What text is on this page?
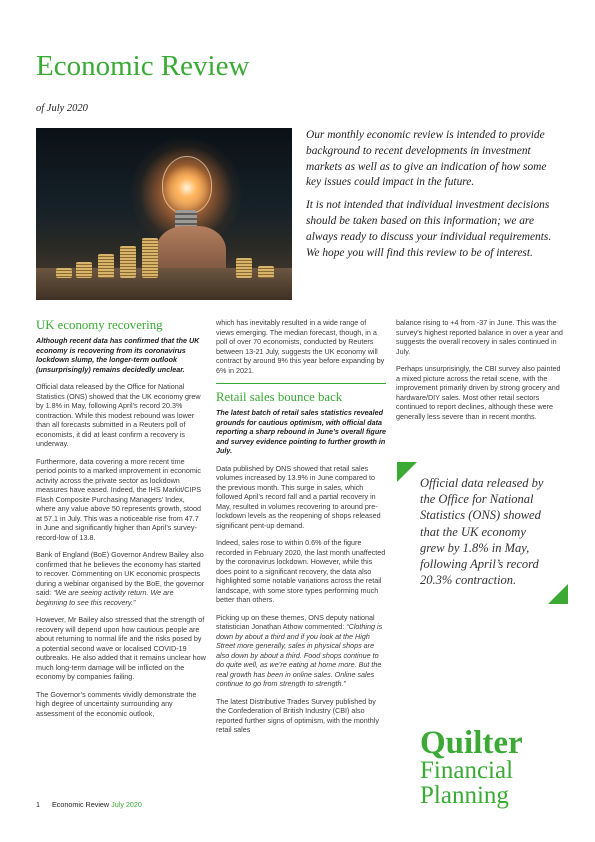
Economic Review

of July 2020

Our monthly economic review is intended to provide background to recent developments in investment markets as well as to give an indication of how some key issues could impact in the future.

It is not intended that individual investment decisions should be taken based on this information; we are always ready to discuss your individual requirements. We hope you will find this review to be of interest.

UK economy recovering

Although recent data has confirmed that the UK economy is recovering from its coronavirus lockdown slump, the longer-term outlook (unsurprisingly) remains decidedly unclear.

Official data released by the Office for National Statistics (ONS) showed that the UK economy grew by 1.8% in May, following April’s record 20.3% contraction. While this modest rebound was lower than all forecasts submitted in a Reuters poll of economists, it did at least confirm a recovery is underway.

Furthermore, data covering a more recent time period points to a marked improvement in economic activity across the private sector as lockdown measures have eased. Indeed, the IHS Markit/CIPS Flash Composite Purchasing Managers’ Index, where any value above 50 represents growth, stood at 57.1 in July. This was a noticeable rise from 47.7 in June and significantly higher than April’s survey-record-low of 13.8.

Bank of England (BoE) Governor Andrew Bailey also confirmed that he believes the economy has started to recover. Commenting on UK economic prospects during a webinar organised by the BoE, the governor said: “We are seeing activity return. We are beginning to see this recovery.”

However, Mr Bailey also stressed that the strength of recovery will depend upon how cautious people are about returning to normal life and the risks posed by a potential second wave or localised COVID-19 outbreaks. He also added that it remains unclear how much long-term damage will be inflicted on the economy by companies failing.

The Governor’s comments vividly demonstrate the high degree of uncertainty surrounding any assessment of the economic outlook,

which has inevitably resulted in a wide range of views emerging. The median forecast, though, in a poll of over 70 economists, conducted by Reuters between 13-21 July, suggests the UK economy will contract by around 9% this year before expanding by 6% in 2021.

Retail sales bounce back

The latest batch of retail sales statistics revealed grounds for cautious optimism, with official data reporting a sharp rebound in June’s overall figure and survey evidence pointing to further growth in July.

Data published by ONS showed that retail sales volumes increased by 13.9% in June compared to the previous month. This surge in sales, which followed April’s record fall and a partial recovery in May, resulted in volumes recovering to around pre-lockdown levels as the reopening of shops released significant pent-up demand.

Indeed, sales rose to within 0.6% of the figure recorded in February 2020, the last month unaffected by the coronavirus lockdown. However, while this does point to a significant recovery, the data also highlighted some notable variations across the retail landscape, with some store types performing much better than others.

Picking up on these themes, ONS deputy national statistician Jonathan Athow commented: “Clothing is down by about a third and if you look at the High Street more generally, sales in physical shops are also down by about a third. Food shops continue to do quite well, as we’re eating at home more. But the real growth has been in online sales. Online sales continue to go from strength to strength.”

The latest Distributive Trades Survey published by the Confederation of British Industry (CBI) also reported further signs of optimism, with the monthly retail sales

balance rising to +4 from -37 in June. This was the survey’s highest reported balance in over a year and suggests the overall recovery in sales continued in July.

Perhaps unsurprisingly, the CBI survey also painted a mixed picture across the retail scene, with the improvement primarily driven by strong grocery and hardware/DIY sales. Most other retail sectors continued to report declines, although these were generally less severe than in recent months.

Official data released by the Office for National Statistics (ONS) showed that the UK economy grew by 1.8% in May, following April’s record 20.3% contraction.

Quilter
Financial
Planning
1 Economic Review July 2020
